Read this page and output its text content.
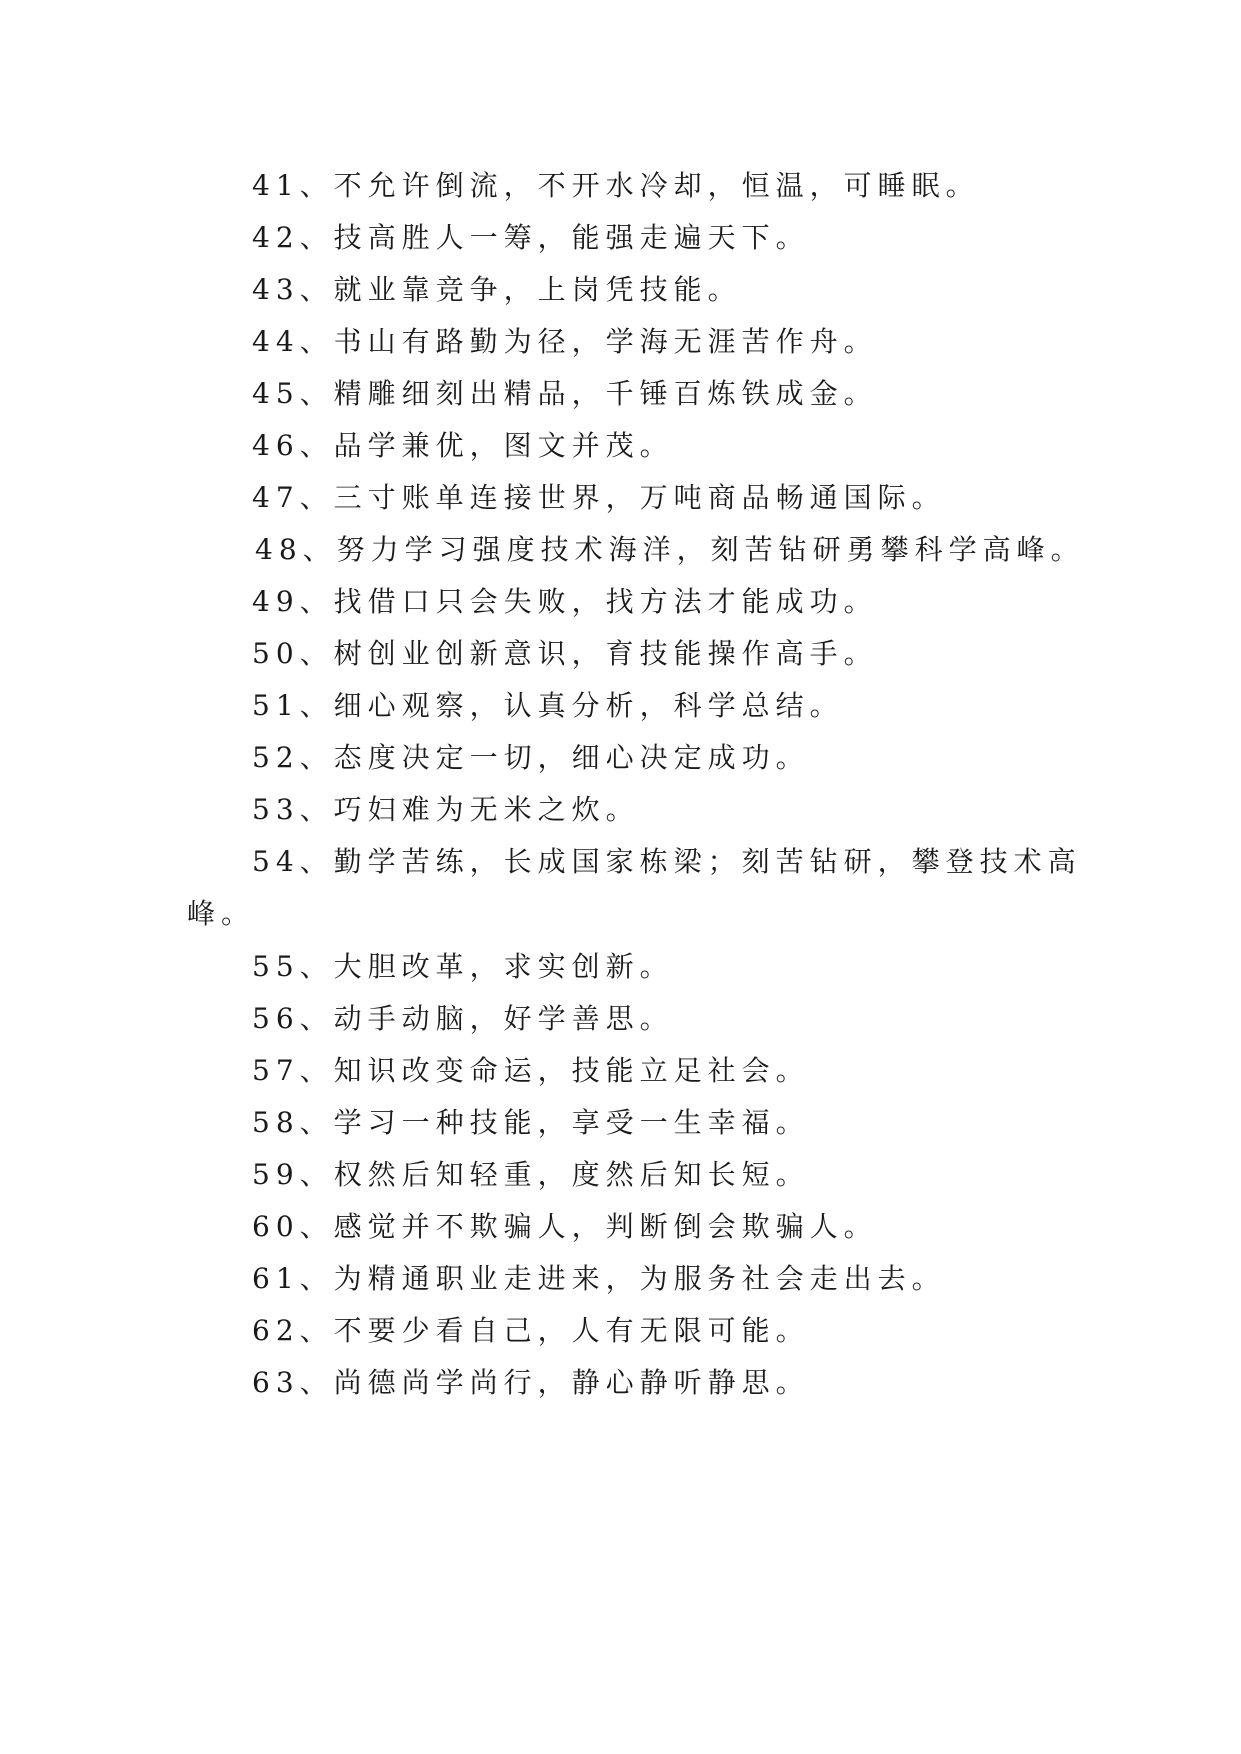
41、不允许倒流，不开水冷却，恒温，可睡眠。
42、技高胜人一筹，能强走遍天下。
43、就业靠竞争，上岗凭技能。
44、书山有路勤为径，学海无涯苦作舟。
45、精雕细刻出精品，千锤百炼铁成金。
46、品学兼优，图文并茂。
47、三寸账单连接世界，万吨商品畅通国际。
48、努力学习强度技术海洋，刻苦钻研勇攀科学高峰。
49、找借口只会失败，找方法才能成功。
50、树创业创新意识，育技能操作高手。
51、细心观察，认真分析，科学总结。
52、态度决定一切，细心决定成功。
53、巧妇难为无米之炊。
54、勤学苦练，长成国家栋梁；刻苦钻研，攀登技术高
峰。
55、大胆改革，求实创新。
56、动手动脑，好学善思。
57、知识改变命运，技能立足社会。
58、学习一种技能，享受一生幸福。
59、权然后知轻重，度然后知长短。
60、感觉并不欺骗人，判断倒会欺骗人。
61、为精通职业走进来，为服务社会走出去。
62、不要少看自己，人有无限可能。
63、尚德尚学尚行，静心静听静思。
